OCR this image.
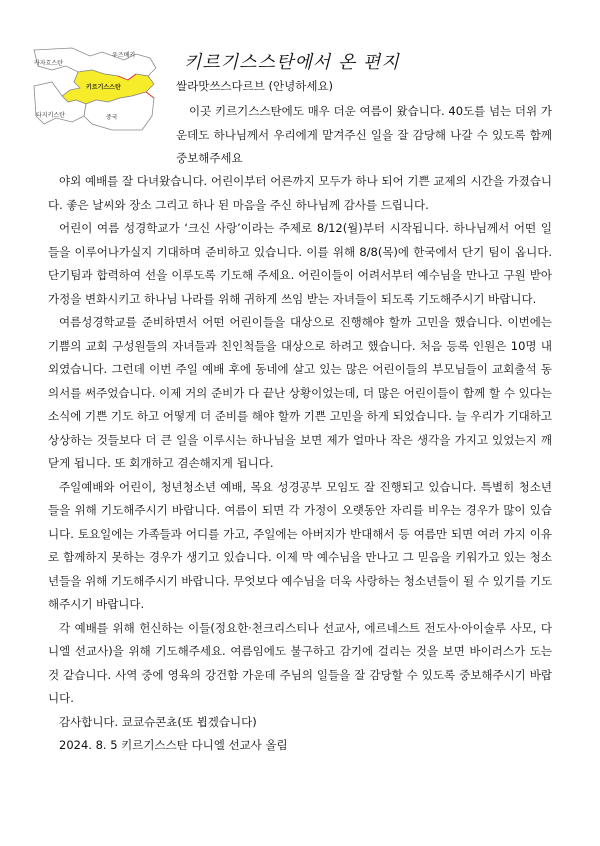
카자흐스탄
우즈베키
키르기스스탄
타지키스탄	중국
키르기스스탄에서 온 편지
쌀라맛쓰스다르브 (안녕하세요)

이곳 키르기스스탄에도 매우 더운 여름이 왔습니다. 40도를 넘는 더위 가운데도 하나님께서 우리에게 맡겨주신 일을 잘 감당해 나갈 수 있도록 함께 중보해주세요

야외 예배를 잘 다녀왔습니다. 어린이부터 어른까지 모두가 하나 되어 기쁜 교제의 시간을 가졌습니다. 좋은 날씨와 장소 그리고 하나 된 마음을 주신 하나님께 감사를 드립니다.

어린이 여름 성경학교가 ‘크신 사랑’이라는 주제로 8/12(월)부터 시작됩니다. 하나님께서 어떤 일들을 이루어나가실지 기대하며 준비하고 있습니다. 이를 위해 8/8(목)에 한국에서 단기 팀이 옵니다. 단기팀과 합력하여 선을 이루도록 기도해 주세요. 어린이들이 어려서부터 예수님을 만나고 구원 받아 가정을 변화시키고 하나님 나라를 위해 귀하게 쓰임 받는 자녀들이 되도록 기도해주시기 바랍니다.

여름성경학교를 준비하면서 어떤 어린이들을 대상으로 진행해야 할까 고민을 했습니다. 이번에는 기쁨의 교회 구성원들의 자녀들과 친인척들을 대상으로 하려고 했습니다. 처음 등록 인원은 10명 내외였습니다. 그런데 이번 주일 예배 후에 동네에 살고 있는 많은 어린이들의 부모님들이 교회출석 동의서를 써주었습니다. 이제 거의 준비가 다 끝난 상황이었는데, 더 많은 어린이들이 함께 할 수 있다는 소식에 기쁜 기도 하고 어떻게 더 준비를 해야 할까 기쁜 고민을 하게 되었습니다. 늘 우리가 기대하고 상상하는 것들보다 더 큰 일을 이루시는 하나님을 보면 제가 얼마나 작은 생각을 가지고 있었는지 깨닫게 됩니다. 또 회개하고 겸손해지게 됩니다.

주일예배와 어린이, 청년청소년 예배, 목요 성경공부 모임도 잘 진행되고 있습니다. 특별히 청소년들을 위해 기도해주시기 바랍니다. 여름이 되면 각 가정이 오랫동안 자리를 비우는 경우가 많이 있습니다. 토요일에는 가족들과 어디를 가고, 주일에는 아버지가 반대해서 등 여름만 되면 여러 가지 이유로 함께하지 못하는 경우가 생기고 있습니다. 이제 막 예수님을 만나고 그 믿음을 키워가고 있는 청소년들을 위해 기도해주시기 바랍니다. 무엇보다 예수님을 더욱 사랑하는 청소년들이 될 수 있기를 기도해주시기 바랍니다.

각 예배를 위해 헌신하는 이들(정요한·천크리스티나 선교사, 에르네스트 전도사·아이술루 사모, 다니엘 선교사)을 위해 기도해주세요. 여름임에도 불구하고 감기에 걸리는 것을 보면 바이러스가 도는 것 같습니다. 사역 중에 영육의 강건함 가운데 주님의 일들을 잘 감당할 수 있도록 중보해주시기 바랍니다.

감사합니다. 쿄쿄슈콘쵸(또 뵙겠습니다)

2024. 8. 5 키르기스스탄 다니엘 선교사 올림
